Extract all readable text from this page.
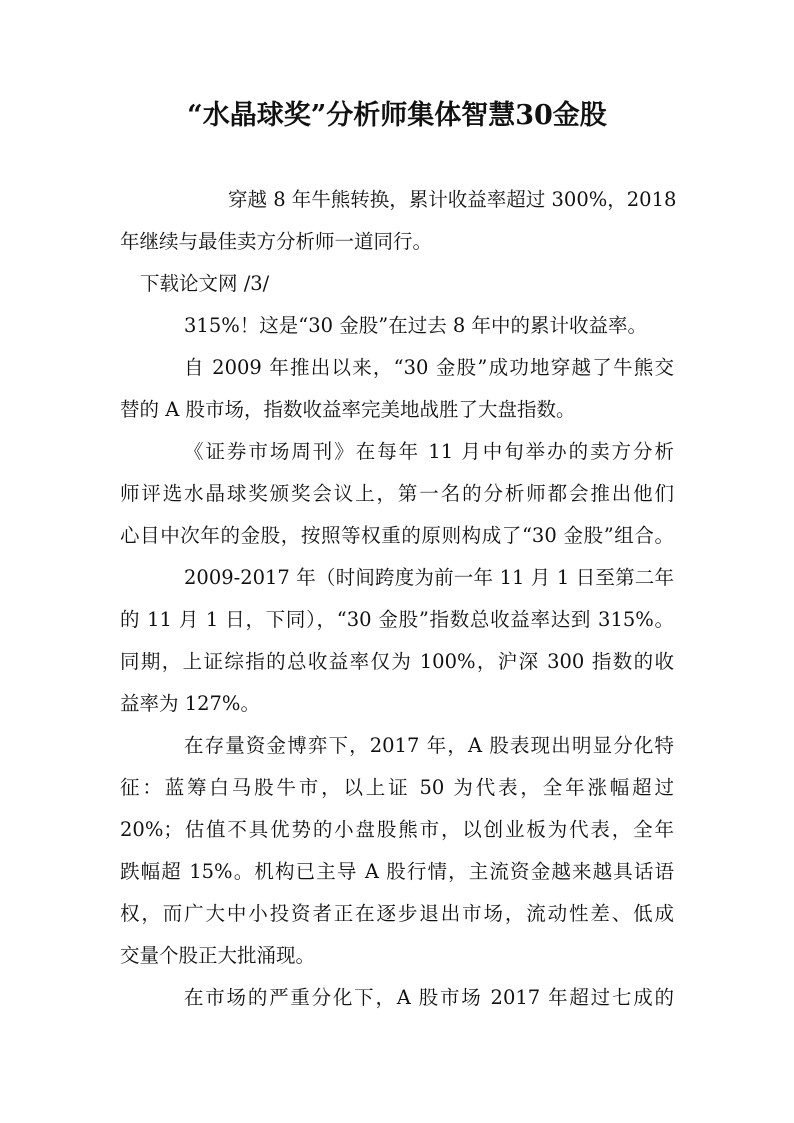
“水晶球奖”分析师集体智慧30金股
穿越 8 年牛熊转换，累计收益率超过 300%，2018
年继续与最佳卖方分析师一道同行。
下载论文网 /3/
315%！这是“30 金股”在过去 8 年中的累计收益率。
自 2009 年推出以来，“30 金股”成功地穿越了牛熊交
替的 A 股市场，指数收益率完美地战胜了大盘指数。
《证券市场周刊》在每年 11 月中旬举办的卖方分析
师评选水晶球奖颁奖会议上，第一名的分析师都会推出他们
心目中次年的金股，按照等权重的原则构成了“30 金股”组合。
2009-2017 年（时间跨度为前一年 11 月 1 日至第二年
的 11 月 1 日，下同），“30 金股”指数总收益率达到 315%。
同期，上证综指的总收益率仅为 100%，沪深 300 指数的收
益率为 127%。
在存量资金博弈下，2017 年，A 股表现出明显分化特
征：蓝筹白马股牛市，以上证 50 为代表，全年涨幅超过
20%；估值不具优势的小盘股熊市，以创业板为代表，全年
跌幅超 15%。机构已主导 A 股行情，主流资金越来越具话语
权，而广大中小投资者正在逐步退出市场，流动性差、低成
交量个股正大批涌现。
在市场的严重分化下，A 股市场 2017 年超过七成的
